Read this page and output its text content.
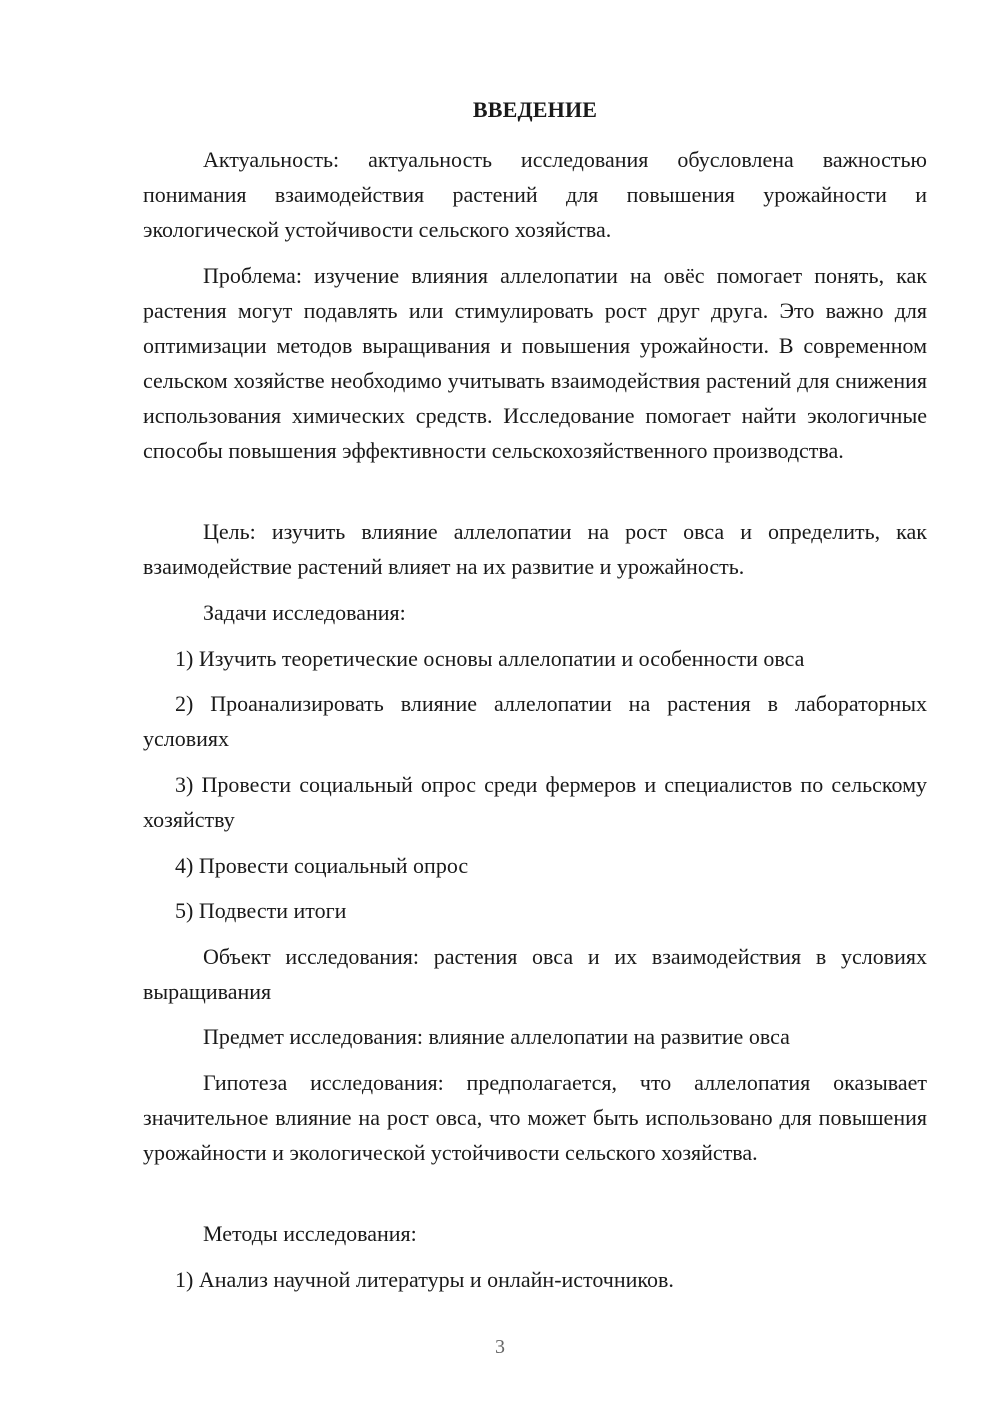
ВВЕДЕНИЕ
Актуальность: актуальность исследования обусловлена важностью понимания взаимодействия растений для повышения урожайности и экологической устойчивости сельского хозяйства.
Проблема: изучение влияния аллелопатии на овёс помогает понять, как растения могут подавлять или стимулировать рост друг друга. Это важно для оптимизации методов выращивания и повышения урожайности. В современном сельском хозяйстве необходимо учитывать взаимодействия растений для снижения использования химических средств. Исследование помогает найти экологичные способы повышения эффективности сельскохозяйственного производства.
Цель: изучить влияние аллелопатии на рост овса и определить, как взаимодействие растений влияет на их развитие и урожайность.
Задачи исследования:
1) Изучить теоретические основы аллелопатии и особенности овса
2) Проанализировать влияние аллелопатии на растения в лабораторных условиях
3) Провести социальный опрос среди фермеров и специалистов по сельскому хозяйству
4) Провести социальный опрос
5) Подвести итоги
Объект исследования: растения овса и их взаимодействия в условиях выращивания
Предмет исследования: влияние аллелопатии на развитие овса
Гипотеза исследования: предполагается, что аллелопатия оказывает значительное влияние на рост овса, что может быть использовано для повышения урожайности и экологической устойчивости сельского хозяйства.
Методы исследования:
1) Анализ научной литературы и онлайн-источников.
3
